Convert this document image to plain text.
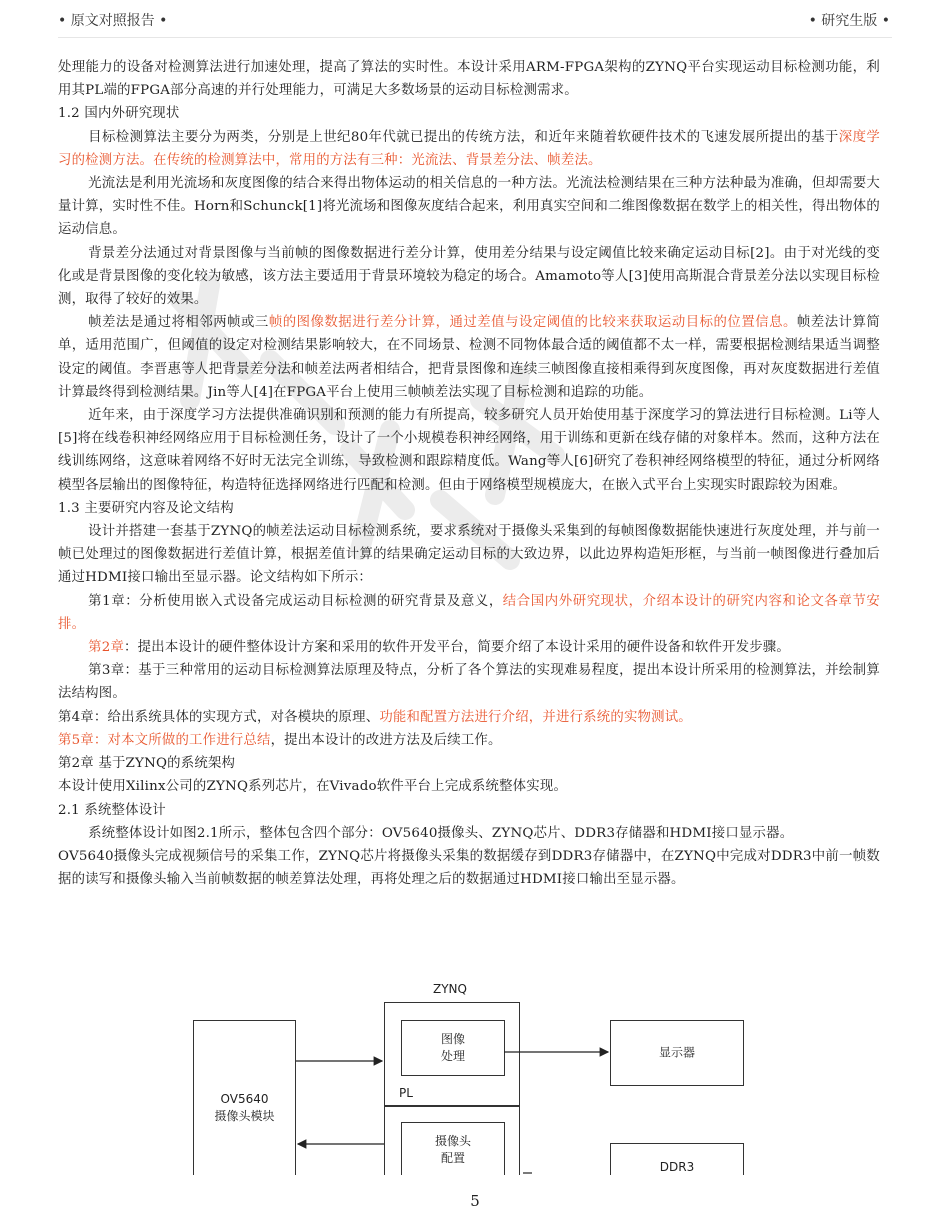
• 原文对照报告 •	• 研究生版 •

处理能力的设备对检测算法进行加速处理，提高了算法的实时性。本设计采用ARM-FPGA架构的ZYNQ平台实现运动目标检测功能，利用其PL端的FPGA部分高速的并行处理能力，可满足大多数场景的运动目标检测需求。

1.2 国内外研究现状

目标检测算法主要分为两类，分别是上世纪80年代就已提出的传统方法，和近年来随着软硬件技术的飞速发展所提出的基于深度学习的检测方法。在传统的检测算法中，常用的方法有三种：光流法、背景差分法、帧差法。

光流法是利用光流场和灰度图像的结合来得出物体运动的相关信息的一种方法。光流法检测结果在三种方法种最为准确，但却需要大量计算，实时性不佳。Horn和Schunck[1]将光流场和图像灰度结合起来，利用真实空间和二维图像数据在数学上的相关性，得出物体的运动信息。

背景差分法通过对背景图像与当前帧的图像数据进行差分计算，使用差分结果与设定阈值比较来确定运动目标[2]。由于对光线的变化或是背景图像的变化较为敏感，该方法主要适用于背景环境较为稳定的场合。Amamoto等人[3]使用高斯混合背景差分法以实现目标检测，取得了较好的效果。

帧差法是通过将相邻两帧或三帧的图像数据进行差分计算，通过差值与设定阈值的比较来获取运动目标的位置信息。帧差法计算简单，适用范围广，但阈值的设定对检测结果影响较大，在不同场景、检测不同物体最合适的阈值都不太一样，需要根据检测结果适当调整设定的阈值。李晋惠等人把背景差分法和帧差法两者相结合，把背景图像和连续三帧图像直接相乘得到灰度图像，再对灰度数据进行差值计算最终得到检测结果。Jin等人[4]在FPGA平台上使用三帧帧差法实现了目标检测和追踪的功能。

近年来，由于深度学习方法提供准确识别和预测的能力有所提高，较多研究人员开始使用基于深度学习的算法进行目标检测。Li等人[5]将在线卷积神经网络应用于目标检测任务，设计了一个小规模卷积神经网络，用于训练和更新在线存储的对象样本。然而，这种方法在线训练网络，这意味着网络不好时无法完全训练，导致检测和跟踪精度低。Wang等人[6]研究了卷积神经网络模型的特征，通过分析网络模型各层输出的图像特征，构造特征选择网络进行匹配和检测。但由于网络模型规模庞大，在嵌入式平台上实现实时跟踪较为困难。

1.3 主要研究内容及论文结构

设计并搭建一套基于ZYNQ的帧差法运动目标检测系统，要求系统对于摄像头采集到的每帧图像数据能快速进行灰度处理，并与前一帧已处理过的图像数据进行差值计算，根据差值计算的结果确定运动目标的大致边界，以此边界构造矩形框，与当前一帧图像进行叠加后通过HDMI接口输出至显示器。论文结构如下所示：

第1章：分析使用嵌入式设备完成运动目标检测的研究背景及意义，结合国内外研究现状，介绍本设计的研究内容和论文各章节安排。

第2章：提出本设计的硬件整体设计方案和采用的软件开发平台，简要介绍了本设计采用的硬件设备和软件开发步骤。

第3章：基于三种常用的运动目标检测算法原理及特点，分析了各个算法的实现难易程度，提出本设计所采用的检测算法，并绘制算法结构图。

第4章：给出系统具体的实现方式，对各模块的原理、功能和配置方法进行介绍，并进行系统的实物测试。

第5章：对本文所做的工作进行总结，提出本设计的改进方法及后续工作。

第2章 基于ZYNQ的系统架构

本设计使用Xilinx公司的ZYNQ系列芯片，在Vivado软件平台上完成系统整体实现。

2.1 系统整体设计

系统整体设计如图2.1所示，整体包含四个部分：OV5640摄像头、ZYNQ芯片、DDR3存储器和HDMI接口显示器。

OV5640摄像头完成视频信号的采集工作，ZYNQ芯片将摄像头采集的数据缓存到DDR3存储器中，在ZYNQ中完成对DDR3中前一帧数据的读写和摄像头输入当前帧数据的帧差算法处理，再将处理之后的数据通过HDMI接口输出至显示器。

ZYNQ
OV5640
摄像头模块
图像
处理
PL
摄像头
配置
显示器
DDR3
5
